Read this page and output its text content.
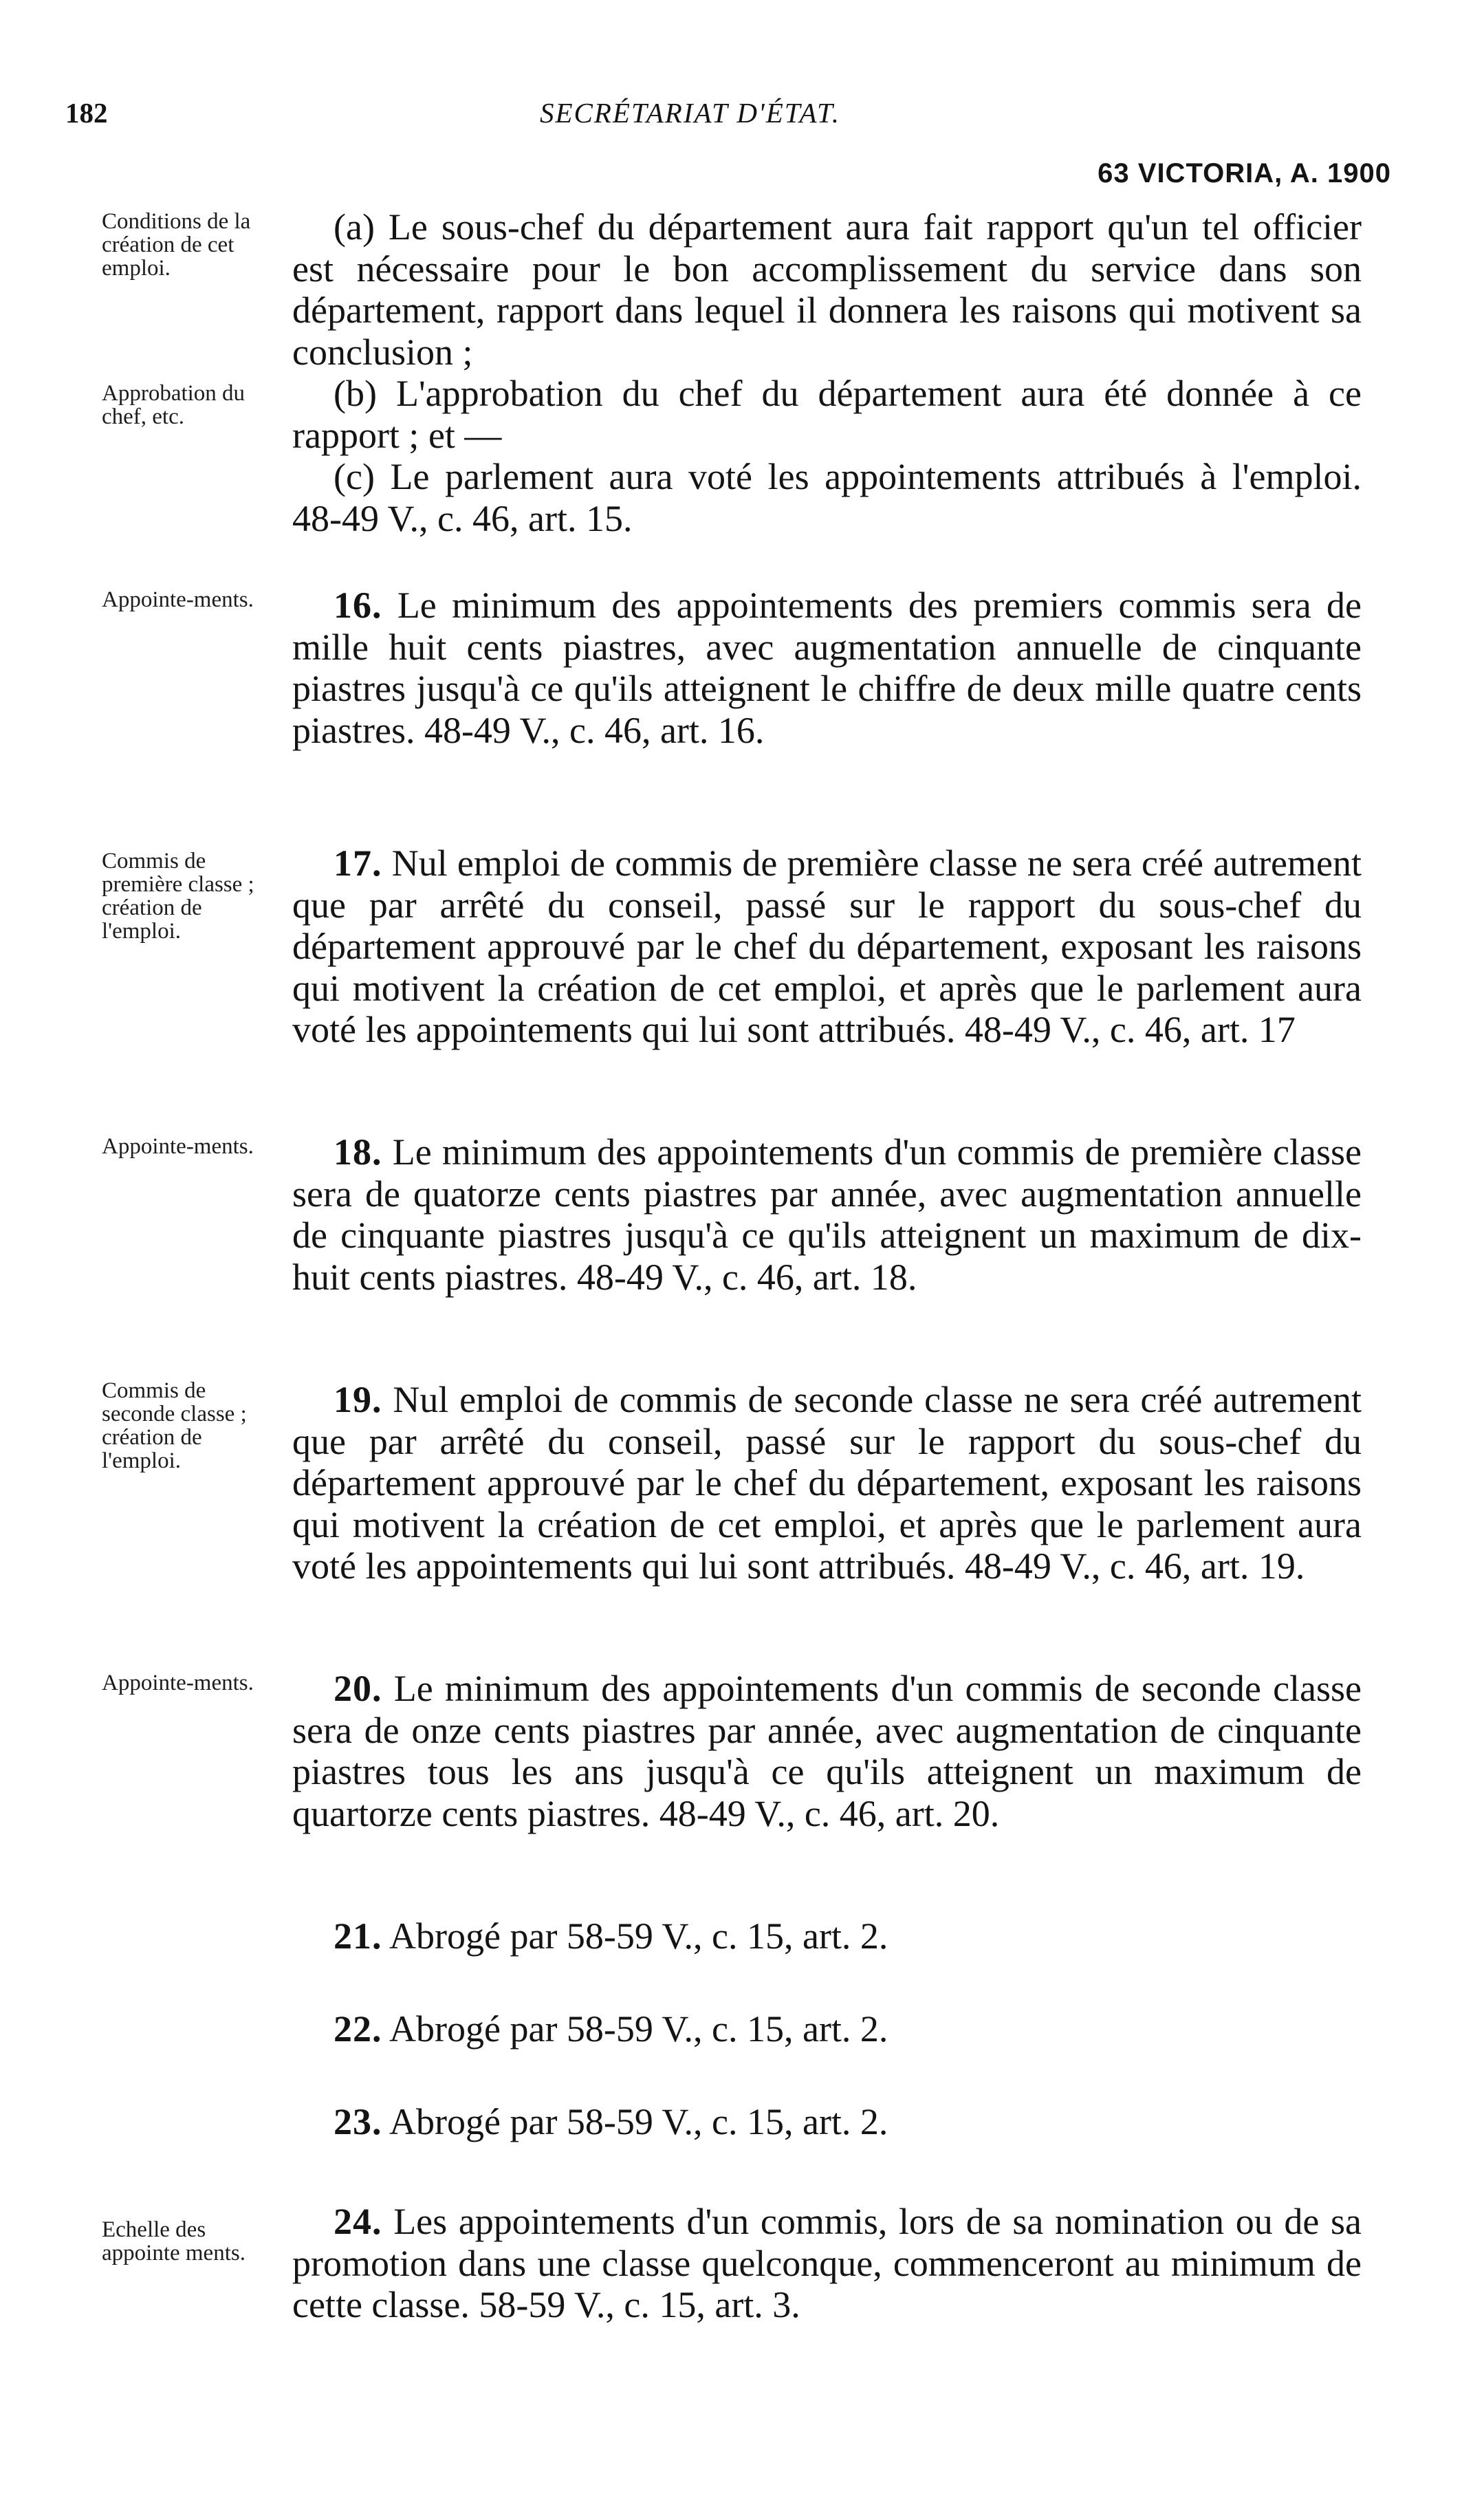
182	SECRÉTARIAT D'ÉTAT.
63 VICTORIA, A. 1900
Conditions de la création de cet emploi.
Approbation du chef, etc.
Appointe-ments.
Commis de première classe ; création de l'emploi.
Appointe-ments.
Commis de seconde classe ; création de l'emploi.
Appointe-ments.
Echelle des appointe ments.
(a) Le sous-chef du département aura fait rapport qu'un tel officier est nécessaire pour le bon accomplissement du service dans son département, rapport dans lequel il donnera les raisons qui motivent sa conclusion ;
(b) L'approbation du chef du département aura été donnée à ce rapport ; et —
(c) Le parlement aura voté les appointements attribués à l'emploi. 48-49 V., c. 46, art. 15.
16. Le minimum des appointements des premiers commis sera de mille huit cents piastres, avec augmentation annuelle de cinquante piastres jusqu'à ce qu'ils atteignent le chiffre de deux mille quatre cents piastres. 48-49 V., c. 46, art. 16.
17. Nul emploi de commis de première classe ne sera créé autrement que par arrêté du conseil, passé sur le rapport du sous-chef du département approuvé par le chef du département, exposant les raisons qui motivent la création de cet emploi, et après que le parlement aura voté les appointements qui lui sont attribués. 48-49 V., c. 46, art. 17
18. Le minimum des appointements d'un commis de première classe sera de quatorze cents piastres par année, avec augmentation annuelle de cinquante piastres jusqu'à ce qu'ils atteignent un maximum de dix-huit cents piastres. 48-49 V., c. 46, art. 18.
19. Nul emploi de commis de seconde classe ne sera créé autrement que par arrêté du conseil, passé sur le rapport du sous-chef du département approuvé par le chef du département, exposant les raisons qui motivent la création de cet emploi, et après que le parlement aura voté les appointements qui lui sont attribués. 48-49 V., c. 46, art. 19.
20. Le minimum des appointements d'un commis de seconde classe sera de onze cents piastres par année, avec augmentation de cinquante piastres tous les ans jusqu'à ce qu'ils atteignent un maximum de quartorze cents piastres. 48-49 V., c. 46, art. 20.
21. Abrogé par 58-59 V., c. 15, art. 2.
22. Abrogé par 58-59 V., c. 15, art. 2.
23. Abrogé par 58-59 V., c. 15, art. 2.
24. Les appointements d'un commis, lors de sa nomination ou de sa promotion dans une classe quelconque, commenceront au minimum de cette classe. 58-59 V., c. 15, art. 3.
